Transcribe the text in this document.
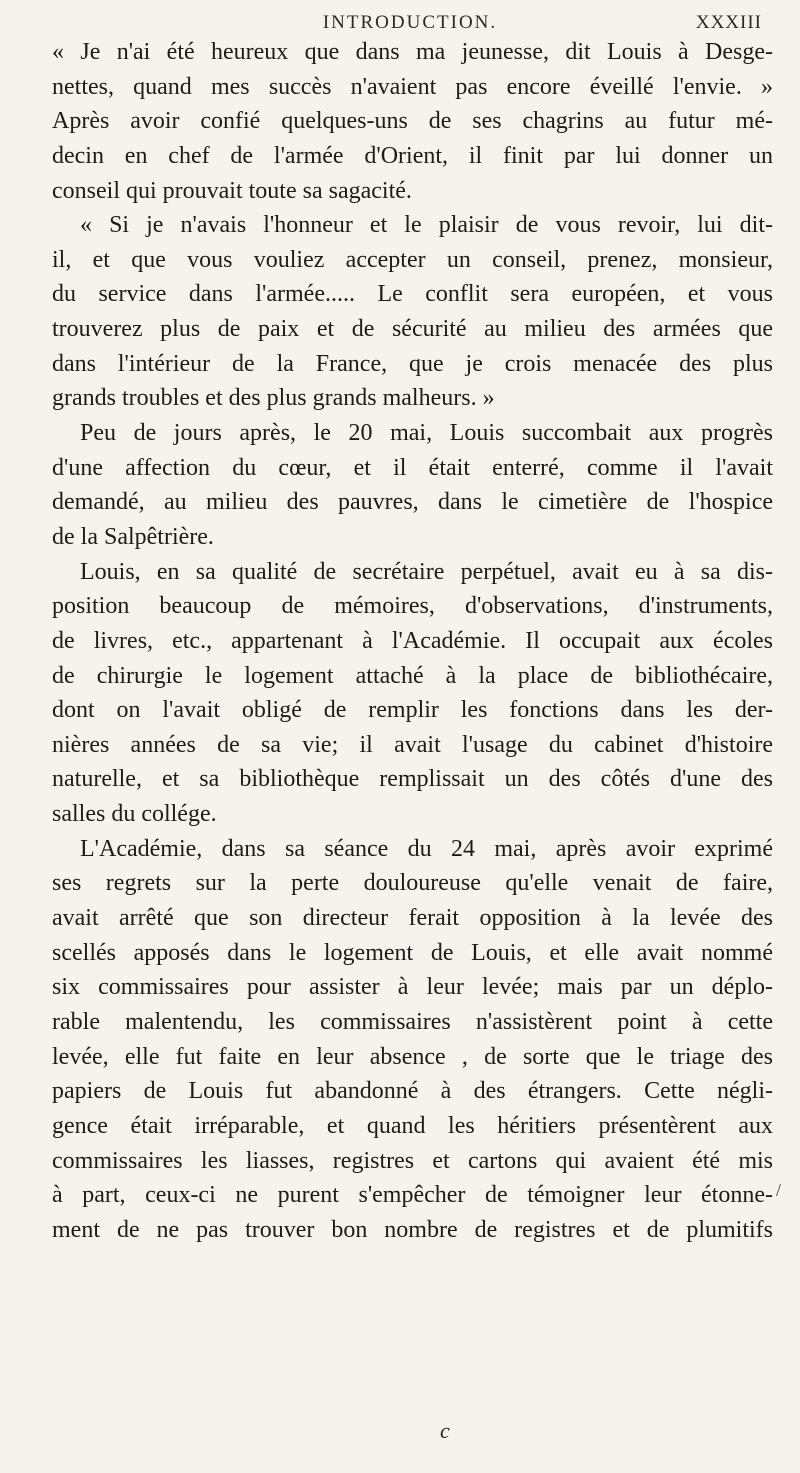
INTRODUCTION.	XXXIII
« Je n'ai été heureux que dans ma jeunesse, dit Louis à Desge-
nettes, quand mes succès n'avaient pas encore éveillé l'envie. »
Après avoir confié quelques-uns de ses chagrins au futur mé-
decin en chef de l'armée d'Orient, il finit par lui donner un
conseil qui prouvait toute sa sagacité.
« Si je n'avais l'honneur et le plaisir de vous revoir, lui dit-
il, et que vous vouliez accepter un conseil, prenez, monsieur,
du service dans l'armée..... Le conflit sera européen, et vous
trouverez plus de paix et de sécurité au milieu des armées que
dans l'intérieur de la France, que je crois menacée des plus
grands troubles et des plus grands malheurs. »
Peu de jours après, le 20 mai, Louis succombait aux progrès
d'une affection du cœur, et il était enterré, comme il l'avait
demandé, au milieu des pauvres, dans le cimetière de l'hospice
de la Salpêtrière.
Louis, en sa qualité de secrétaire perpétuel, avait eu à sa dis-
position beaucoup de mémoires, d'observations, d'instruments,
de livres, etc., appartenant à l'Académie. Il occupait aux écoles
de chirurgie le logement attaché à la place de bibliothécaire,
dont on l'avait obligé de remplir les fonctions dans les der-
nières années de sa vie; il avait l'usage du cabinet d'histoire
naturelle, et sa bibliothèque remplissait un des côtés d'une des
salles du collége.
L'Académie, dans sa séance du 24 mai, après avoir exprimé
ses regrets sur la perte douloureuse qu'elle venait de faire,
avait arrêté que son directeur ferait opposition à la levée des
scellés apposés dans le logement de Louis, et elle avait nommé
six commissaires pour assister à leur levée; mais par un déplo-
rable malentendu, les commissaires n'assistèrent point à cette
levée, elle fut faite en leur absence , de sorte que le triage des
papiers de Louis fut abandonné à des étrangers. Cette négli-
gence était irréparable, et quand les héritiers présentèrent aux
commissaires les liasses, registres et cartons qui avaient été mis
à part, ceux-ci ne purent s'empêcher de témoigner leur étonne-
ment de ne pas trouver bon nombre de registres et de plumitifs
/
c
